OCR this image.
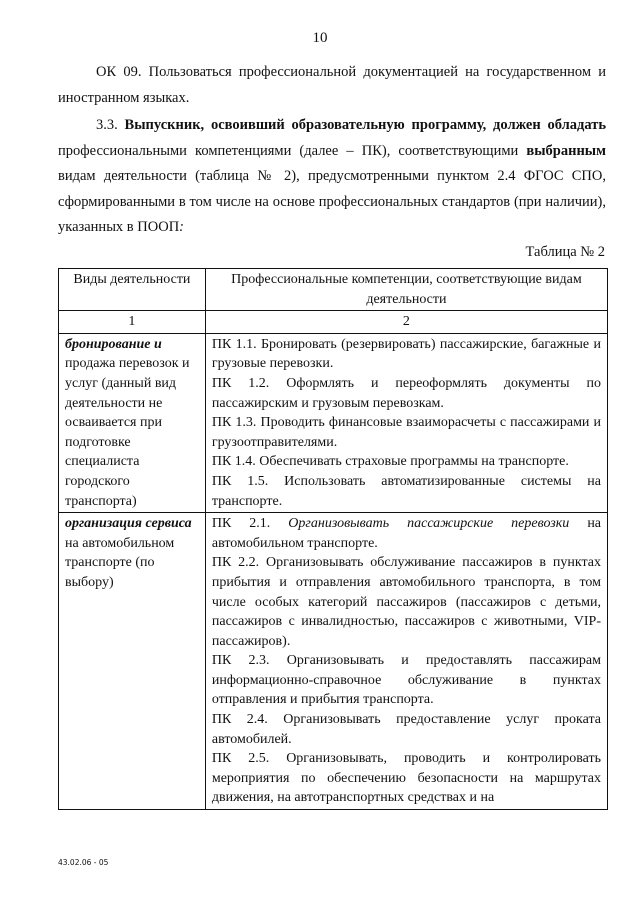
10
ОК 09. Пользоваться профессиональной документацией на государственном и иностранном языках.
3.3. Выпускник, освоивший образовательную программу, должен обладать профессиональными компетенциями (далее – ПК), соответствующими выбранным видам деятельности (таблица № 2), предусмотренными пунктом 2.4 ФГОС СПО, сформированными в том числе на основе профессиональных стандартов (при наличии), указанных в ПООП:
Таблица № 2
Виды деятельности	Профессиональные компетенции, соответствующие видам деятельности
1	2
бронирование и продажа перевозок и услуг (данный вид деятельности не осваивается при подготовке специалиста городского транспорта)	ПК 1.1. Бронировать (резервировать) пассажирские, багажные и грузовые перевозки.
ПК 1.2. Оформлять и переоформлять документы по пассажирским и грузовым перевозкам.
ПК 1.3. Проводить финансовые взаиморасчеты с пассажирами и грузоотправителями.
ПК 1.4. Обеспечивать страховые программы на транспорте.
ПК 1.5. Использовать автоматизированные системы на транспорте.

организация сервиса на автомобильном транспорте (по выбору)	ПК 2.1. Организовывать пассажирские перевозки на автомобильном транспорте.
ПК 2.2. Организовывать обслуживание пассажиров в пунктах прибытия и отправления автомобильного транспорта, в том числе особых категорий пассажиров (пассажиров с детьми, пассажиров с инвалидностью, пассажиров с животными, VIP-пассажиров).
ПК 2.3. Организовывать и предоставлять пассажирам информационно-справочное обслуживание в пунктах отправления и прибытия транспорта.
ПК 2.4. Организовывать предоставление услуг проката автомобилей.
ПК 2.5. Организовывать, проводить и контролировать мероприятия по обеспечению безопасности на маршрутах движения, на автотранспортных средствах и на
43.02.06 - 05
